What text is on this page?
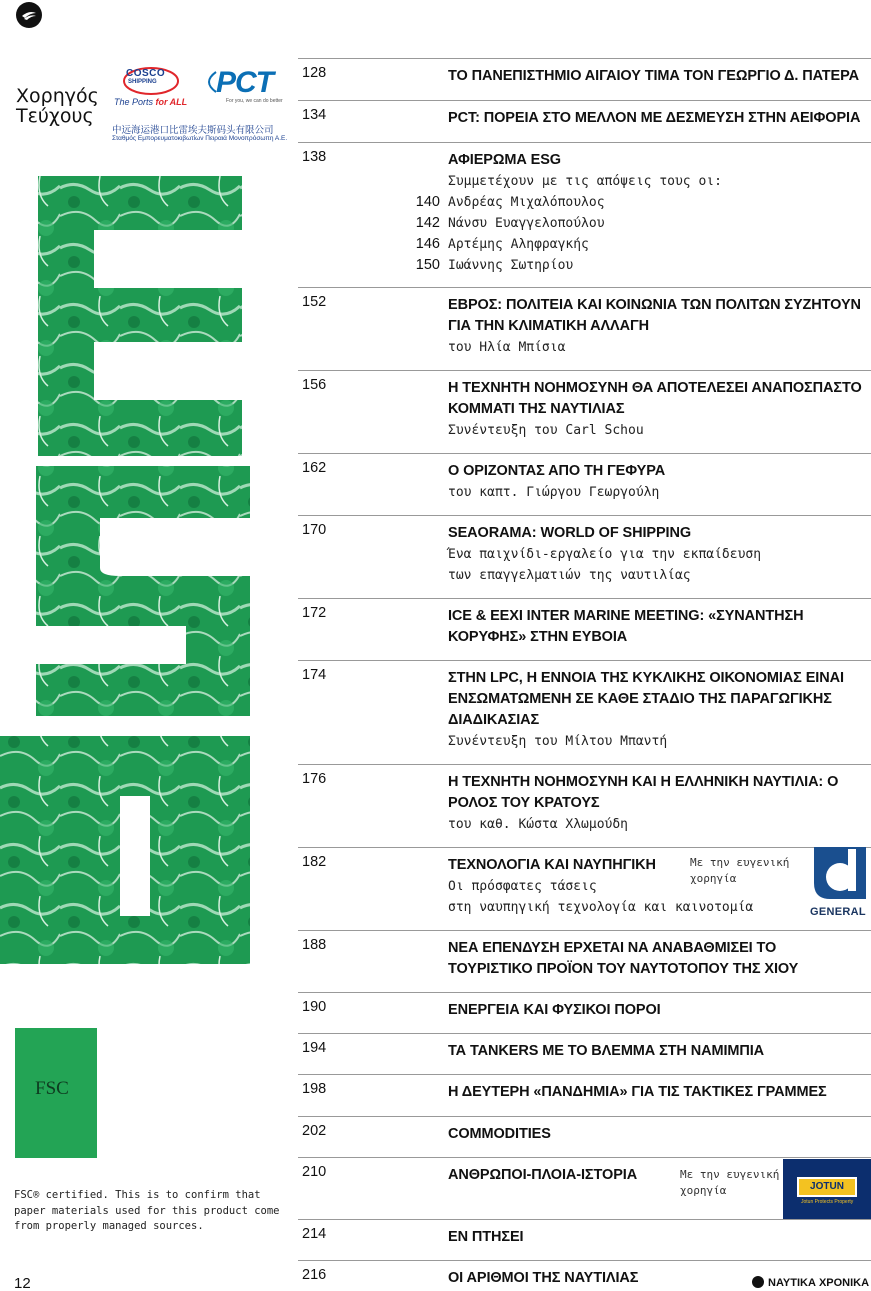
Χορηγός
Τεύχους
COSCO
SHIPPING
The Ports for ALL
PCT
For you, we can do better
中远海运港口比雷埃夫斯码头有限公司
Σταθμός Εμπορευματοκιβωτίων Πειραιά Μονοπρόσωπη Α.Ε.
FSC
FSC® certified. This is to confirm that paper materials used for this product come from properly managed sources.
12
128	ΤΟ ΠΑΝΕΠΙΣΤΗΜΙΟ ΑΙΓΑΙΟΥ ΤΙΜΑ ΤΟΝ ΓΕΩΡΓΙΟ Δ. ΠΑΤΕΡΑ
134	PCT: ΠΟΡΕΙΑ ΣΤΟ ΜΕΛΛΟΝ ΜΕ ΔΕΣΜΕΥΣΗ ΣΤΗΝ ΑΕΙΦΟΡΙΑ
138	ΑΦΙΕΡΩΜΑ ESG
Συμμετέχουν με τις απόψεις τους οι:
140 Ανδρέας Μιχαλόπουλος
142 Νάνσυ Ευαγγελοπούλου
146 Αρτέμης Αληφραγκής
150 Ιωάννης Σωτηρίου
152	ΕΒΡΟΣ: ΠΟΛΙΤΕΙΑ ΚΑΙ ΚΟΙΝΩΝΙΑ ΤΩΝ ΠΟΛΙΤΩΝ ΣΥΖΗΤΟΥΝ ΓΙΑ ΤΗΝ ΚΛΙΜΑΤΙΚΗ ΑΛΛΑΓΗ
του Ηλία Μπίσια
156	Η ΤΕΧΝΗΤΗ ΝΟΗΜΟΣΥΝΗ ΘΑ ΑΠΟΤΕΛΕΣΕΙ ΑΝΑΠΟΣΠΑΣΤΟ ΚΟΜΜΑΤΙ ΤΗΣ ΝΑΥΤΙΛΙΑΣ
Συνέντευξη του Carl Schou
162	Ο ΟΡΙΖΟΝΤΑΣ ΑΠΟ ΤΗ ΓΕΦΥΡΑ
του καπτ. Γιώργου Γεωργούλη
170	SEAORAMA: WORLD OF SHIPPING
Ένα παιχνίδι-εργαλείο για την εκπαίδευση
των επαγγελματιών της ναυτιλίας
172	ICE & EEXI INTER MARINE MEETING: «ΣΥΝΑΝΤΗΣΗ ΚΟΡΥΦΗΣ» ΣΤΗΝ ΕΥΒΟΙΑ
174	ΣΤΗΝ LPC, Η ΕΝΝΟΙΑ ΤΗΣ ΚΥΚΛΙΚΗΣ ΟΙΚΟΝΟΜΙΑΣ ΕΙΝΑΙ ΕΝΣΩΜΑΤΩΜΕΝΗ ΣΕ ΚΑΘΕ ΣΤΑΔΙΟ ΤΗΣ ΠΑΡΑΓΩΓΙΚΗΣ ΔΙΑΔΙΚΑΣΙΑΣ
Συνέντευξη του Μίλτου Μπαντή
176	Η ΤΕΧΝΗΤΗ ΝΟΗΜΟΣΥΝΗ ΚΑΙ Η ΕΛΛΗΝΙΚΗ ΝΑΥΤΙΛΙΑ: Ο ΡΟΛΟΣ ΤΟΥ ΚΡΑΤΟΥΣ
του καθ. Κώστα Χλωμούδη
182	ΤΕΧΝΟΛΟΓΙΑ ΚΑΙ ΝΑΥΠΗΓΙΚΗ
Οι πρόσφατες τάσεις
στη ναυπηγική τεχνολογία και καινοτομία
188	ΝΕΑ ΕΠΕΝΔΥΣΗ ΕΡΧΕΤΑΙ ΝΑ ΑΝΑΒΑΘΜΙΣΕΙ ΤΟ ΤΟΥΡΙΣΤΙΚΟ ΠΡΟΪΟΝ ΤΟΥ ΝΑΥΤΟΤΟΠΟΥ ΤΗΣ ΧΙΟΥ
190	ΕΝΕΡΓΕΙΑ ΚΑΙ ΦΥΣΙΚΟΙ ΠΟΡΟΙ
194	ΤΑ TANKERS ΜΕ ΤΟ ΒΛΕΜΜΑ ΣΤΗ ΝΑΜΙΜΠΙΑ
198	Η ΔΕΥΤΕΡΗ «ΠΑΝΔΗΜΙΑ» ΓΙΑ ΤΙΣ ΤΑΚΤΙΚΕΣ ΓΡΑΜΜΕΣ
202	COMMODITIES
210	ΑΝΘΡΩΠΟΙ-ΠΛΟΙΑ-ΙΣΤΟΡΙΑ
214	ΕΝ ΠΤΗΣΕΙ
216	ΟΙ ΑΡΙΘΜΟΙ ΤΗΣ ΝΑΥΤΙΛΙΑΣ
Με την ευγενική χορηγία
GENERAL
Με την ευγενική χορηγία	JOTUN
Jotun Protects Property
ΝΑΥΤΙΚΑ ΧΡΟΝΙΚΑ
